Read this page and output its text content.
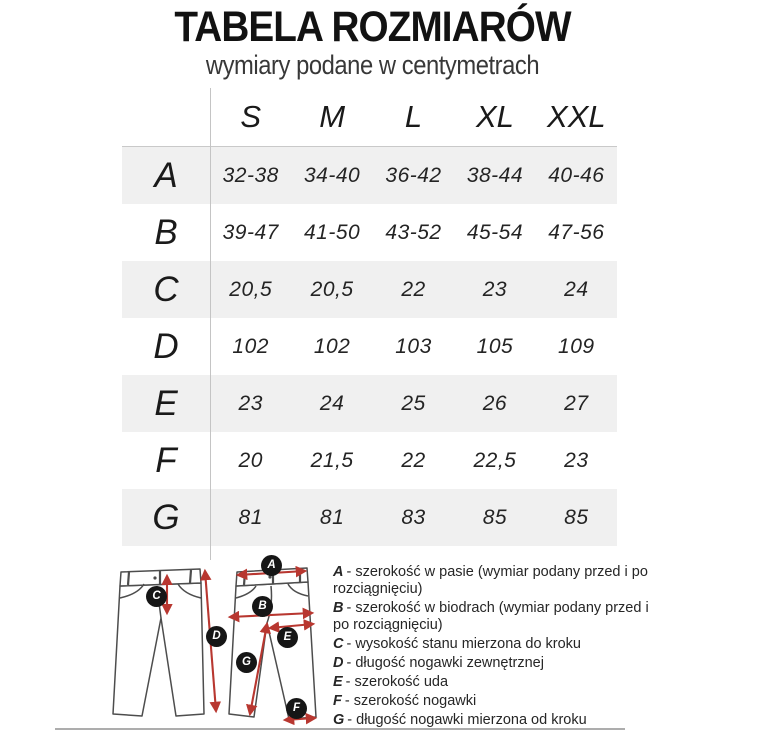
TABELA ROZMIARÓW
wymiary podane w centymetrach
S	M	L	XL	XXL
A	32-38	34-40	36-42	38-44	40-46
B	39-47	41-50	43-52	45-54	47-56
C	20,5	20,5	22	23	24
D	102	102	103	105	109
E	23	24	25	26	27
F	20	21,5	22	22,5	23
G	81	81	83	85	85
A
B
C
D	E
F
G
A - szerokość w pasie (wymiar podany przed i po rozciągnięciu)
B - szerokość w biodrach (wymiar podany przed i po rozciągnięciu)
C - wysokość stanu mierzona do kroku
D - długość nogawki zewnętrznej
E - szerokość uda
F - szerokość nogawki
G - długość nogawki mierzona od kroku
